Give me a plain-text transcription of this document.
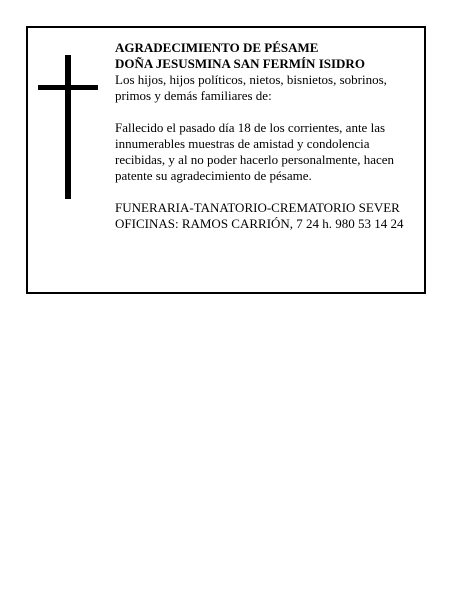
AGRADECIMIENTO DE PÉSAME

DOÑA JESUSMINA SAN FERMÍN ISIDRO

Los hijos, hijos políticos, nietos, bisnietos, sobrinos, primos y demás familiares de:

Fallecido el pasado día 18 de los corrientes, ante las innumerables muestras de amistad y condolencia recibidas, y al no poder hacerlo personalmente, hacen patente su agradecimiento de pésame.

FUNERARIA-TANATORIO-CREMATORIO SEVER

OFICINAS: RAMOS CARRIÓN, 7 24 h. 980 53 14 24
